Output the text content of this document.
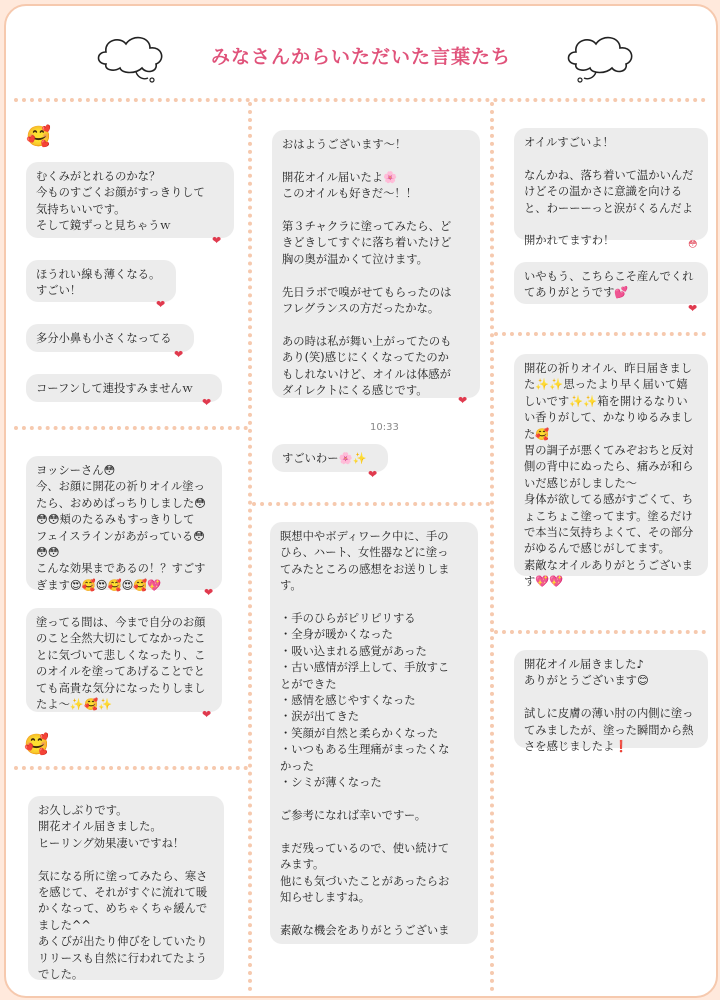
みなさんからいただいた言葉たち
🥰
むくみがとれるのかな？
今ものすごくお顔がすっきりして
気持ちいいです。
そして鏡ずっと見ちゃうｗ
❤
ほうれい線も薄くなる。
すごい！
❤
多分小鼻も小さくなってる
❤
コーフンして連投すみませんｗ
❤
ヨッシーさん😳
今、お顔に開花の祈りオイル塗っ
たら、おめめぱっちりしました😳
😳😳頬のたるみもすっきりして
フェイスラインがあがっている😳
😳😳
こんな効果まであるの！？すごす
ぎます😍🥰😍🥰😍🥰💖
❤
塗ってる間は、今まで自分のお顔
のこと全然大切にしてなかったこ
とに気づいて悲しくなったり、こ
のオイルを塗ってあげることでと
ても高貴な気分になったりしまし
たよ〜✨🥰✨
❤
🥰
お久しぶりです。
開花オイル届きました。
ヒーリング効果凄いですね！

気になる所に塗ってみたら、寒さ
を感じて、それがすぐに流れて暖
かくなって、めちゃくちゃ緩んで
ました^^
あくびが出たり伸びをしていたり
リリースも自然に行われてたよう
でした。
おはようございます〜！

開花オイル届いたよ🌸
このオイルも好きだ〜！！

第３チャクラに塗ってみたら、ど
きどきしてすぐに落ち着いたけど
胸の奥が温かくて泣けます。

先日ラボで嗅がせてもらったのは
フレグランスの方だったかな。

あの時は私が舞い上がってたのも
あり(笑)感じにくくなってたのか
もしれないけど、オイルは体感が
ダイレクトにくる感じです。
❤
10:33
すごいわー🌸✨
❤
瞑想中やボディワーク中に、手の
ひら、ハート、女性器などに塗っ
てみたところの感想をお送りしま
す。

・手のひらがピリピリする
・全身が暖かくなった
・吸い込まれる感覚があった
・古い感情が浮上して、手放すこ
とができた
・感情を感じやすくなった
・涙が出てきた
・笑顔が自然と柔らかくなった
・いつもある生理痛がまったくな
かった
・シミが薄くなった

ご参考になれば幸いですー。

まだ残っているので、使い続けて
みます。
他にも気づいたことがあったらお
知らせしますね。

素敵な機会をありがとうございま
オイルすごいよ！

なんかね、落ち着いて温かいんだ
けどその温かさに意識を向ける
と、わーーーっと涙がくるんだよ

開かれてますわ！	😳
いやもう、こちらこそ産んでくれ
てありがとうです💕
❤
開花の祈りオイル、昨日届きまし
た✨✨思ったより早く届いて嬉
しいです✨✨箱を開けるなりい
い香りがして、かなりゆるみまし
た🥰
胃の調子が悪くてみぞおちと反対
側の背中にぬったら、痛みが和ら
いだ感じがしました〜
身体が欲してる感がすごくて、ち
ょこちょこ塗ってます。塗るだけ
で本当に気持ちよくて、その部分
がゆるんで感じがしてます。
素敵なオイルありがとうございま
す💖💖
開花オイル届きました♪
ありがとうございます😊

試しに皮膚の薄い肘の内側に塗っ
てみましたが、塗った瞬間から熱
さを感じましたよ❗
